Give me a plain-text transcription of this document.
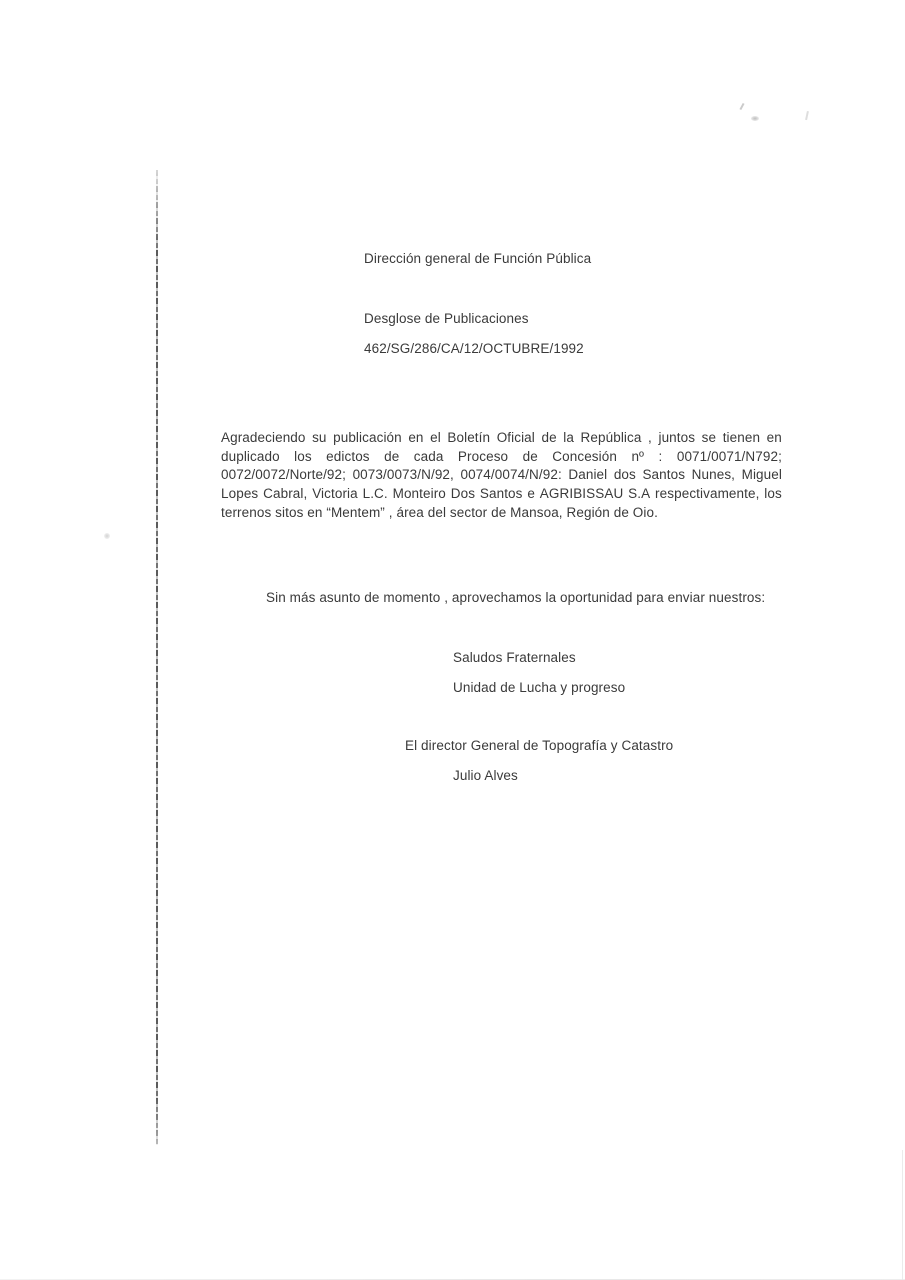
Dirección general de Función Pública
Desglose de Publicaciones
462/SG/286/CA/12/OCTUBRE/1992
Agradeciendo su publicación en el Boletín Oficial de la República , juntos se tienen en
duplicado los edictos de cada Proceso de Concesión nº : 0071/0071/N792;
0072/0072/Norte/92; 0073/0073/N/92, 0074/0074/N/92: Daniel dos Santos Nunes, Miguel
Lopes Cabral, Victoria L.C. Monteiro Dos Santos e AGRIBISSAU S.A respectivamente, los
terrenos sitos en “Mentem” , área del sector de Mansoa, Región de Oio.
Sin más asunto de momento , aprovechamos la oportunidad para enviar nuestros:
Saludos Fraternales
Unidad de Lucha y progreso
El director General de Topografía y Catastro
Julio Alves
